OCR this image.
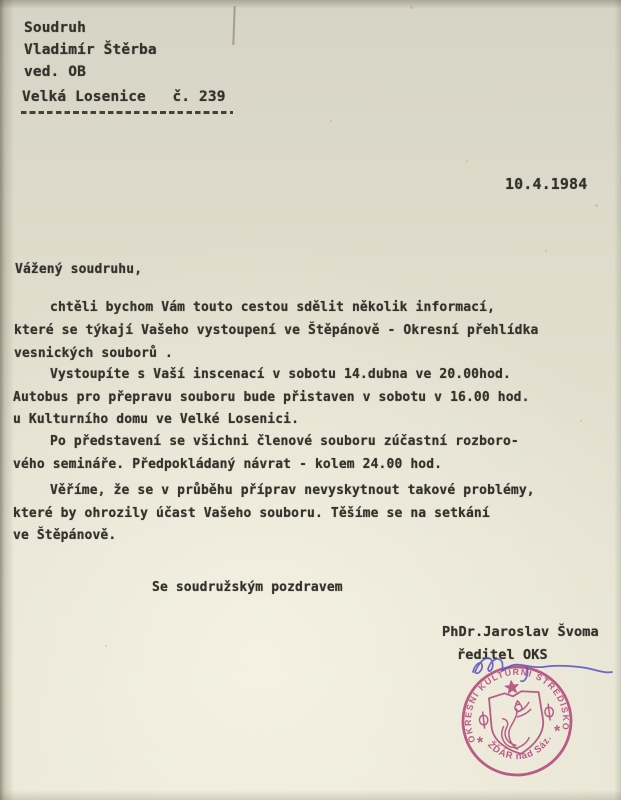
Soudruh
Vladimír Štěrba
ved. OB
Velká Losenice   č. 239
10.4.1984
Vážený soudruhu,
chtěli bychom Vám touto cestou sdělit několik informací,
které se týkají Vašeho vystoupení ve Štěpánově - Okresní přehlídka
vesnických souborů .
Vystoupíte s Vaší inscenací v sobotu 14.dubna ve 20.00hod.
Autobus pro přepravu souboru bude přistaven v sobotu v 16.00 hod.
u Kulturního domu ve Velké Losenici.
Po představení se všichni členové souboru zúčastní rozboro-
vého semináře. Předpokládaný návrat - kolem 24.00 hod.
Věříme, že se v průběhu příprav nevyskytnout takové problémy,
které by ohrozily účast Vašeho souboru. Těšíme se na setkání
ve Štěpánově.
Se soudružským pozdravem
PhDr.Jaroslav Švoma
ředitel OKS
OKRESNÍ KULTURNÍ STŘEDISKO
ŽĎÁR nad Sáz.
*
*
